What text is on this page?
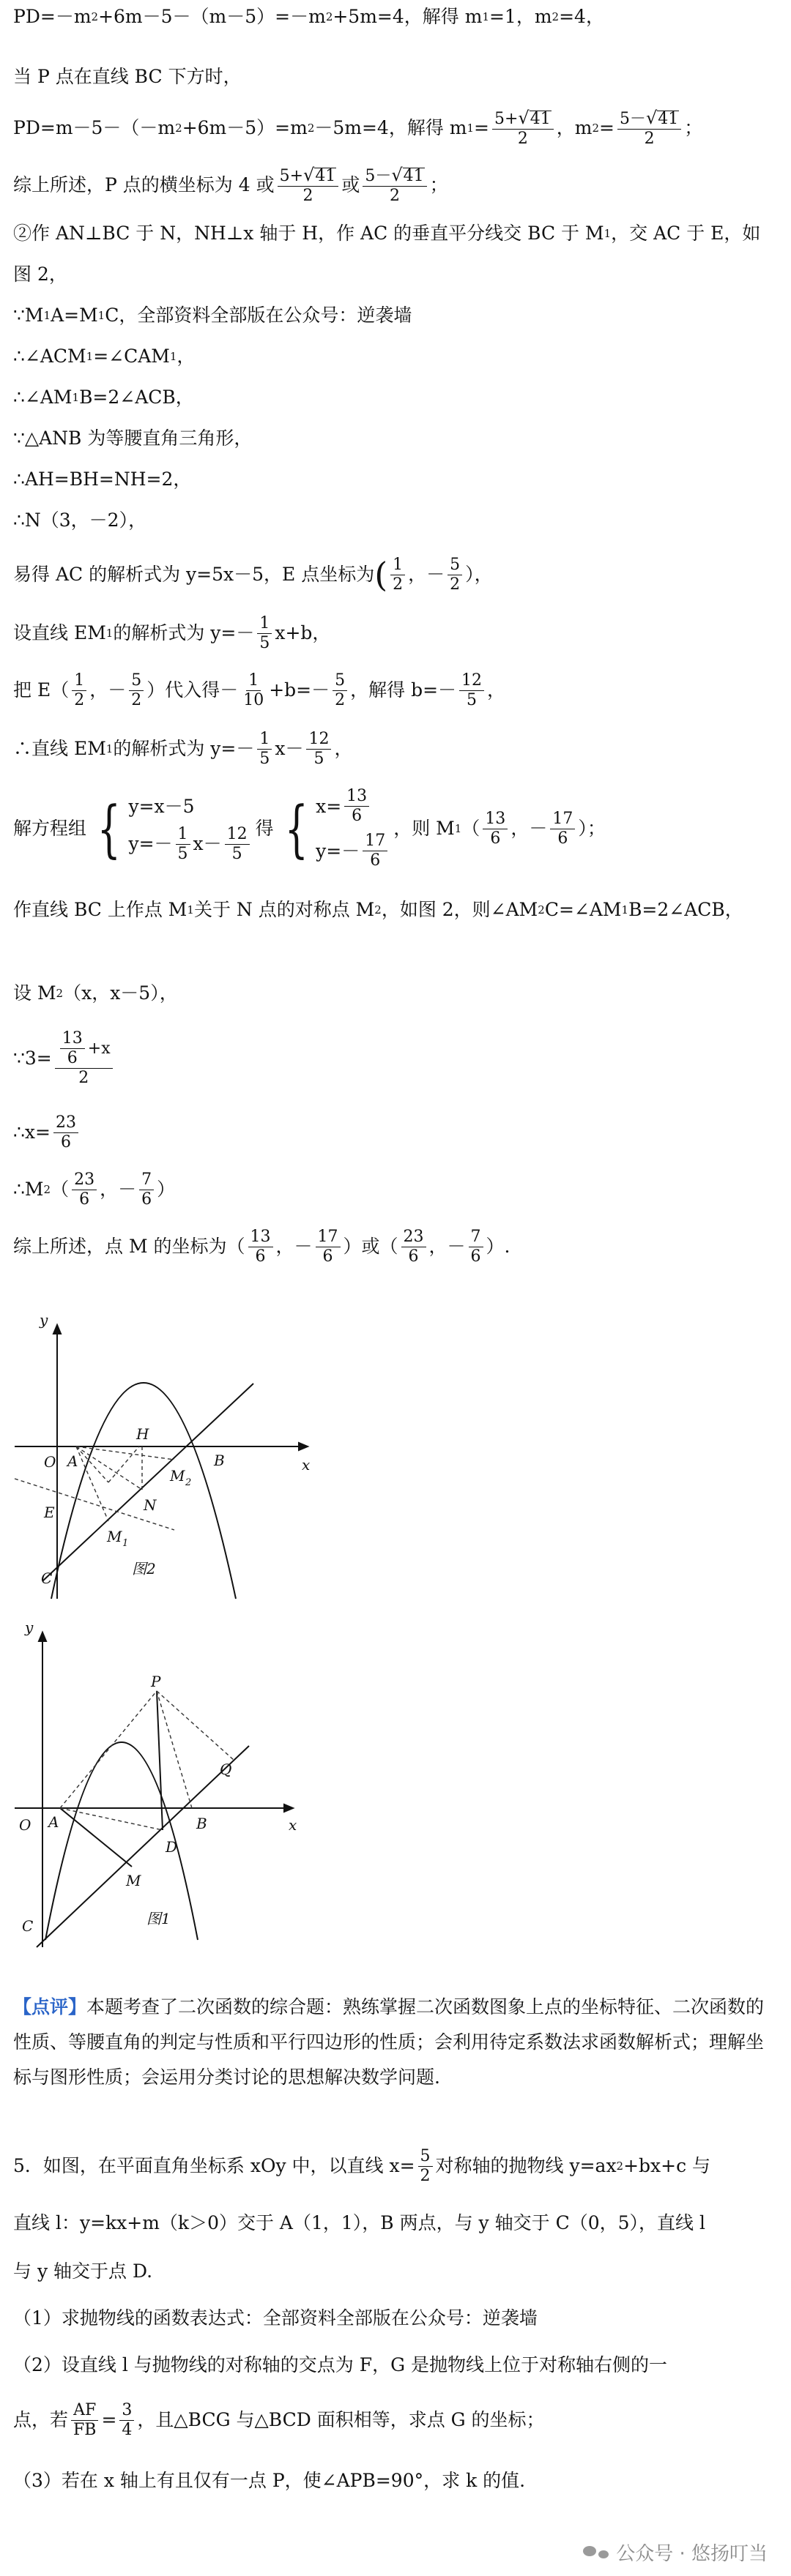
PD=－m 2 +6m－5－（m－5）=－m 2 +5m=4，解得 m 1 =1，m 2 =4，
当 P 点在直线 BC 下方时，
PD=m－5－（－m 2 +6m－5）=m 2 －5m=4，解得 m $1 = \frac{5+ √ 41}{2}$ ，m $2 = \frac{5- √ 41}{2}$ ；
综上所述，P 点的横坐标为 4 或 $\frac{5+ √ 41}{2}$ 或 $\frac{5- √ 41}{2}$ ；
②作 AN⊥BC 于 N，NH⊥x 轴于 H，作 AC 的垂直平分线交 BC 于 M 1 ，交 AC 于 E，如
图 2，
∵M 1 A=M 1 C，全部资料全部版在公众号：逆袭墙
∴∠ACM 1 =∠CAM 1 ，
∴∠AM 1 B=2∠ACB，
∵△ANB 为等腰直角三角形，
∴AH=BH=NH=2，
∴N（3，－2），
易得 AC 的解析式为 y=5x－5，E 点坐标为 ( $\frac{1}{2}$ ，－ $\frac{5}{2}$ ），
设直线 EM 1 的解析式为 $y=- \frac{1}{5} x+b$，
把 $E( \frac{1}{2}$ ，－ $\frac{5}{2}$ ）代入得－ $\frac{1}{10} +b=- \frac{5}{2}$ ，解得 $b=- \frac{12}{5}$ ，
∴直线 EM 1 的解析式为 $y=- \frac{1}{5} x- \frac{12}{5}$ ，
解方程组 { y=x－5
$y=- \frac{1}{5} x- \frac{12}{5}$ 得 { $x= \frac{13}{6}$
$y=- \frac{17}{6}$
，则 M 1 （ $\frac{13}{6}$ ，－ $\frac{17}{6}$ ）；
作直线 BC 上作点 M 1 关于 N 点的对称点 M 2 ，如图 2，则∠AM 2 C=∠AM 1 B=2∠ACB，
设 M 2 （x，x－5），
∵3= $\frac{\frac{13}{6} +x}{2}$
∴x= $\frac{23}{6}$
∴M 2 （ $\frac{23}{6}$ ，－ $\frac{7}{6}$ ）
综上所述，点 M 的坐标为（ $\frac{13}{6}$ ，－ $\frac{17}{6}$ ）或（ $\frac{23}{6}$ ，－ $\frac{7}{6}$ ）.
y
x
O A	B
C
H
N
E
M 1
M 2
图2
y
x
O A	B
C
P
Q
D
M
图1
【点评】本题考查了二次函数的综合题：熟练掌握二次函数图象上点的坐标特征、二次函数的性质、等腰直角的判定与性质和平行四边形的性质；会利用待定系数法求函数解析式；理解坐标与图形性质；会运用分类讨论的思想解决数学问题.
5．如图，在平面直角坐标系 xOy 中，以直线 $x= \frac{5}{2}$ 对称轴的抛物线 y=ax 2 +bx+c 与
直线 l：y=kx+m（k＞0）交于 A（1，1），B 两点，与 y 轴交于 C（0，5），直线 l
与 y 轴交于点 D.
（1）求抛物线的函数表达式：全部资料全部版在公众号：逆袭墙
（2）设直线 l 与抛物线的对称轴的交点为 F，G 是抛物线上位于对称轴右侧的一
点，若 $\frac{AF}{FB} = \frac{3}{4}$ ，且△BCG 与△BCD 面积相等，求点 G 的坐标；
（3）若在 x 轴上有且仅有一点 P，使∠APB=90°，求 k 的值.
公众号 · 悠扬叮当
